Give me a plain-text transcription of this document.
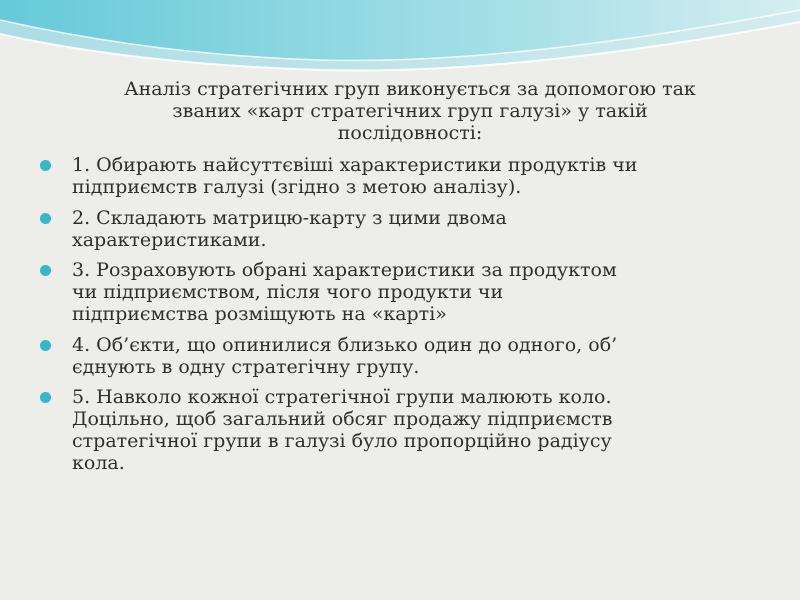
Аналіз стратегічних груп виконується за допомогою так
званих «карт стратегічних груп галузі» у такій
послідовності:

1. Обирають найсуттєвіші характеристики продуктів чи
підприємств галузі (згідно з метою аналізу).
2. Складають матрицю-карту з цими двома
характеристиками.
3. Розраховують обрані характеристики за продуктом
чи підприємством, після чого продукти чи
підприємства розміщують на «карті»
4. Об’єкти, що опинилися близько один до одного, об’
єднують в одну стратегічну групу.
5. Навколо кожної стратегічної групи малюють коло.
Доцільно, щоб загальний обсяг продажу підприємств
стратегічної групи в галузі було пропорційно радіусу
кола.
